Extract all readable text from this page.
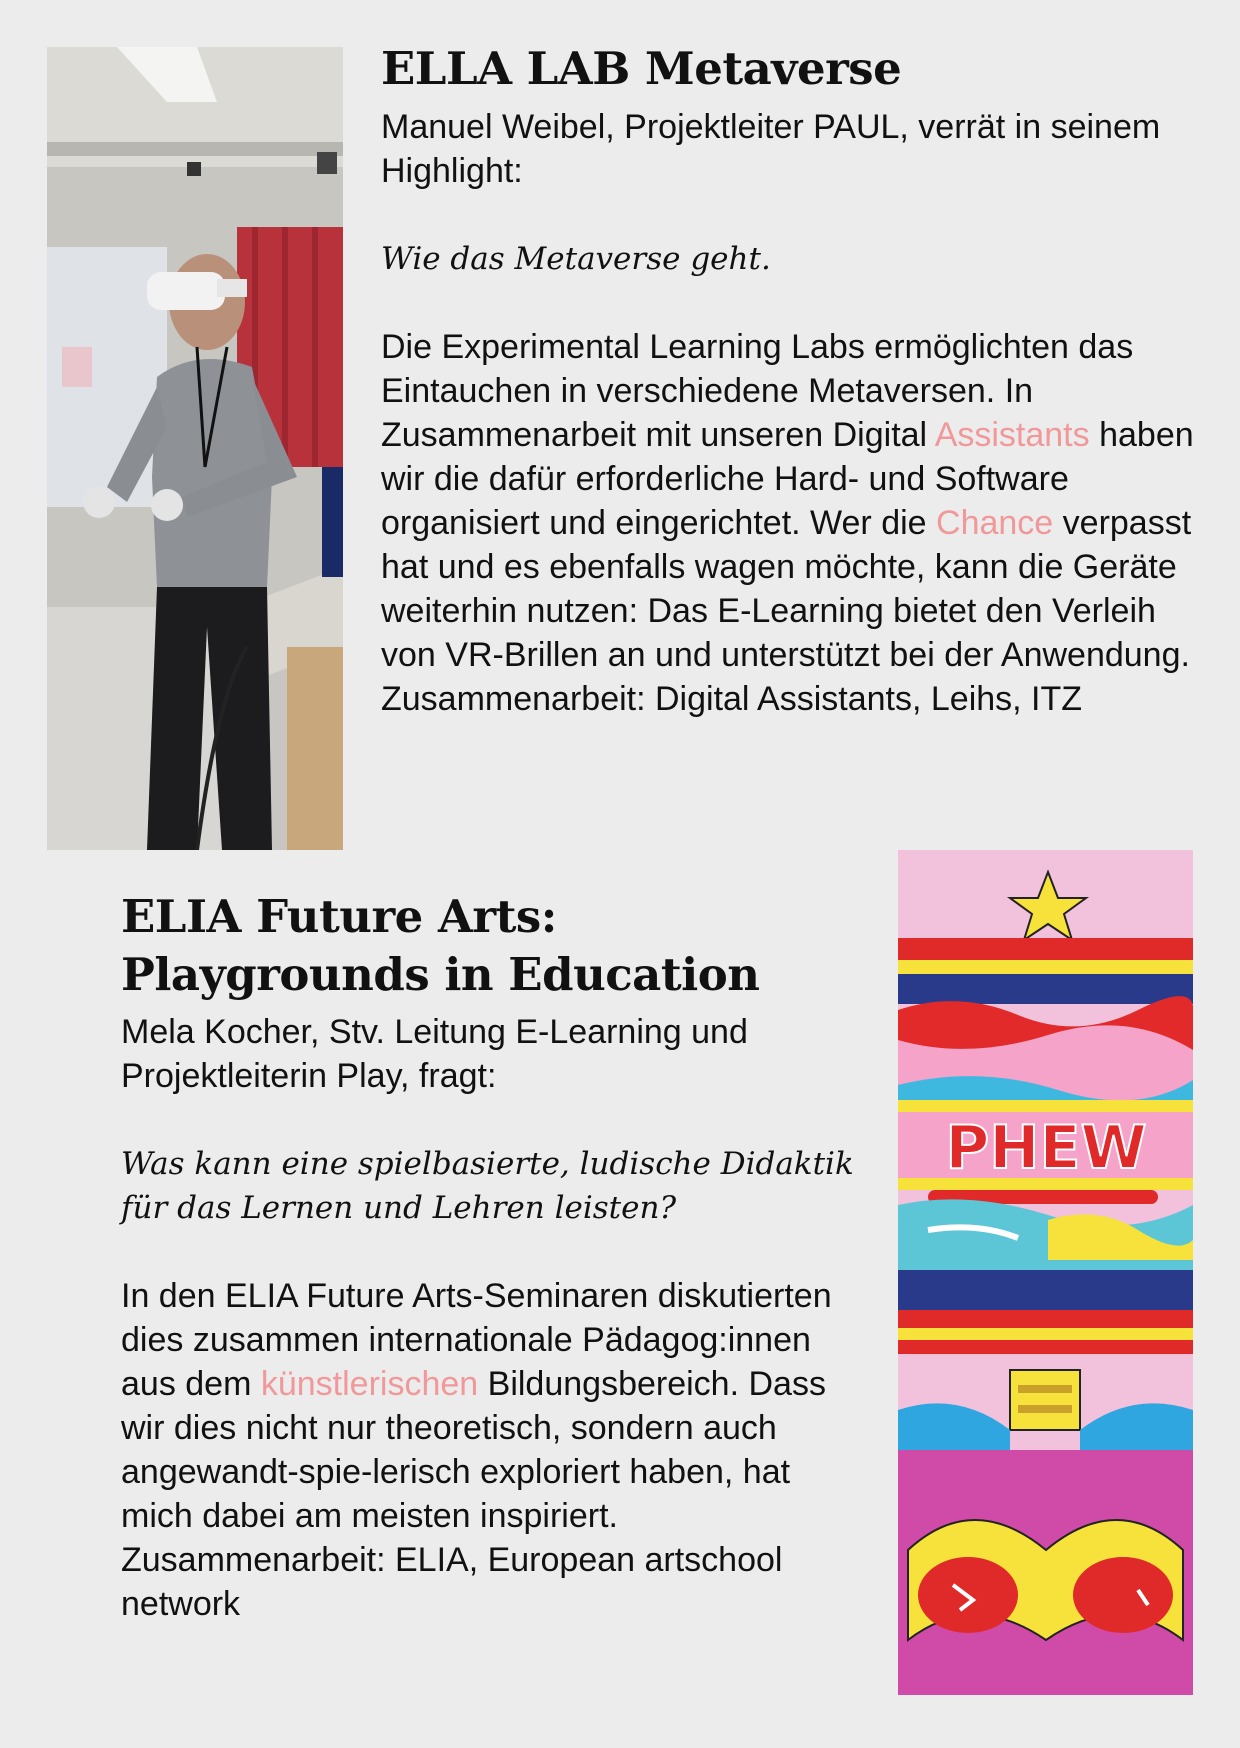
ELLA LAB Metaverse

Manuel Weibel, Projektleiter PAUL, verrät in seinem Highlight:

Wie das Metaverse geht.

Die Experimental Learning Labs ermöglichten das Eintauchen in verschiedene Metaversen. In Zusammenarbeit mit unseren Digital Assistants haben wir die dafür erforderliche Hard- und Software organisiert und eingerichtet. Wer die Chance verpasst hat und es ebenfalls wagen möchte, kann die Geräte weiterhin nutzen: Das E-Learning bietet den Verleih von VR-Brillen an und unterstützt bei der Anwendung. Zusammenarbeit: Digital Assistants, Leihs, ITZ

ELIA Future Arts:
Playgrounds in Education

Mela Kocher, Stv. Leitung E-Learning und Projektleiterin Play, fragt:

Was kann eine spielbasierte, ludische Didaktik für das Lernen und Lehren leisten?

In den ELIA Future Arts-Seminaren diskutierten dies zusammen internationale Pädagog:innen aus dem künstlerischen Bildungsbereich. Dass wir dies nicht nur theoretisch, sondern auch angewandt-spie-lerisch exploriert haben, hat mich dabei am meisten inspiriert. Zusammenarbeit: ELIA, European artschool network

PHEW
